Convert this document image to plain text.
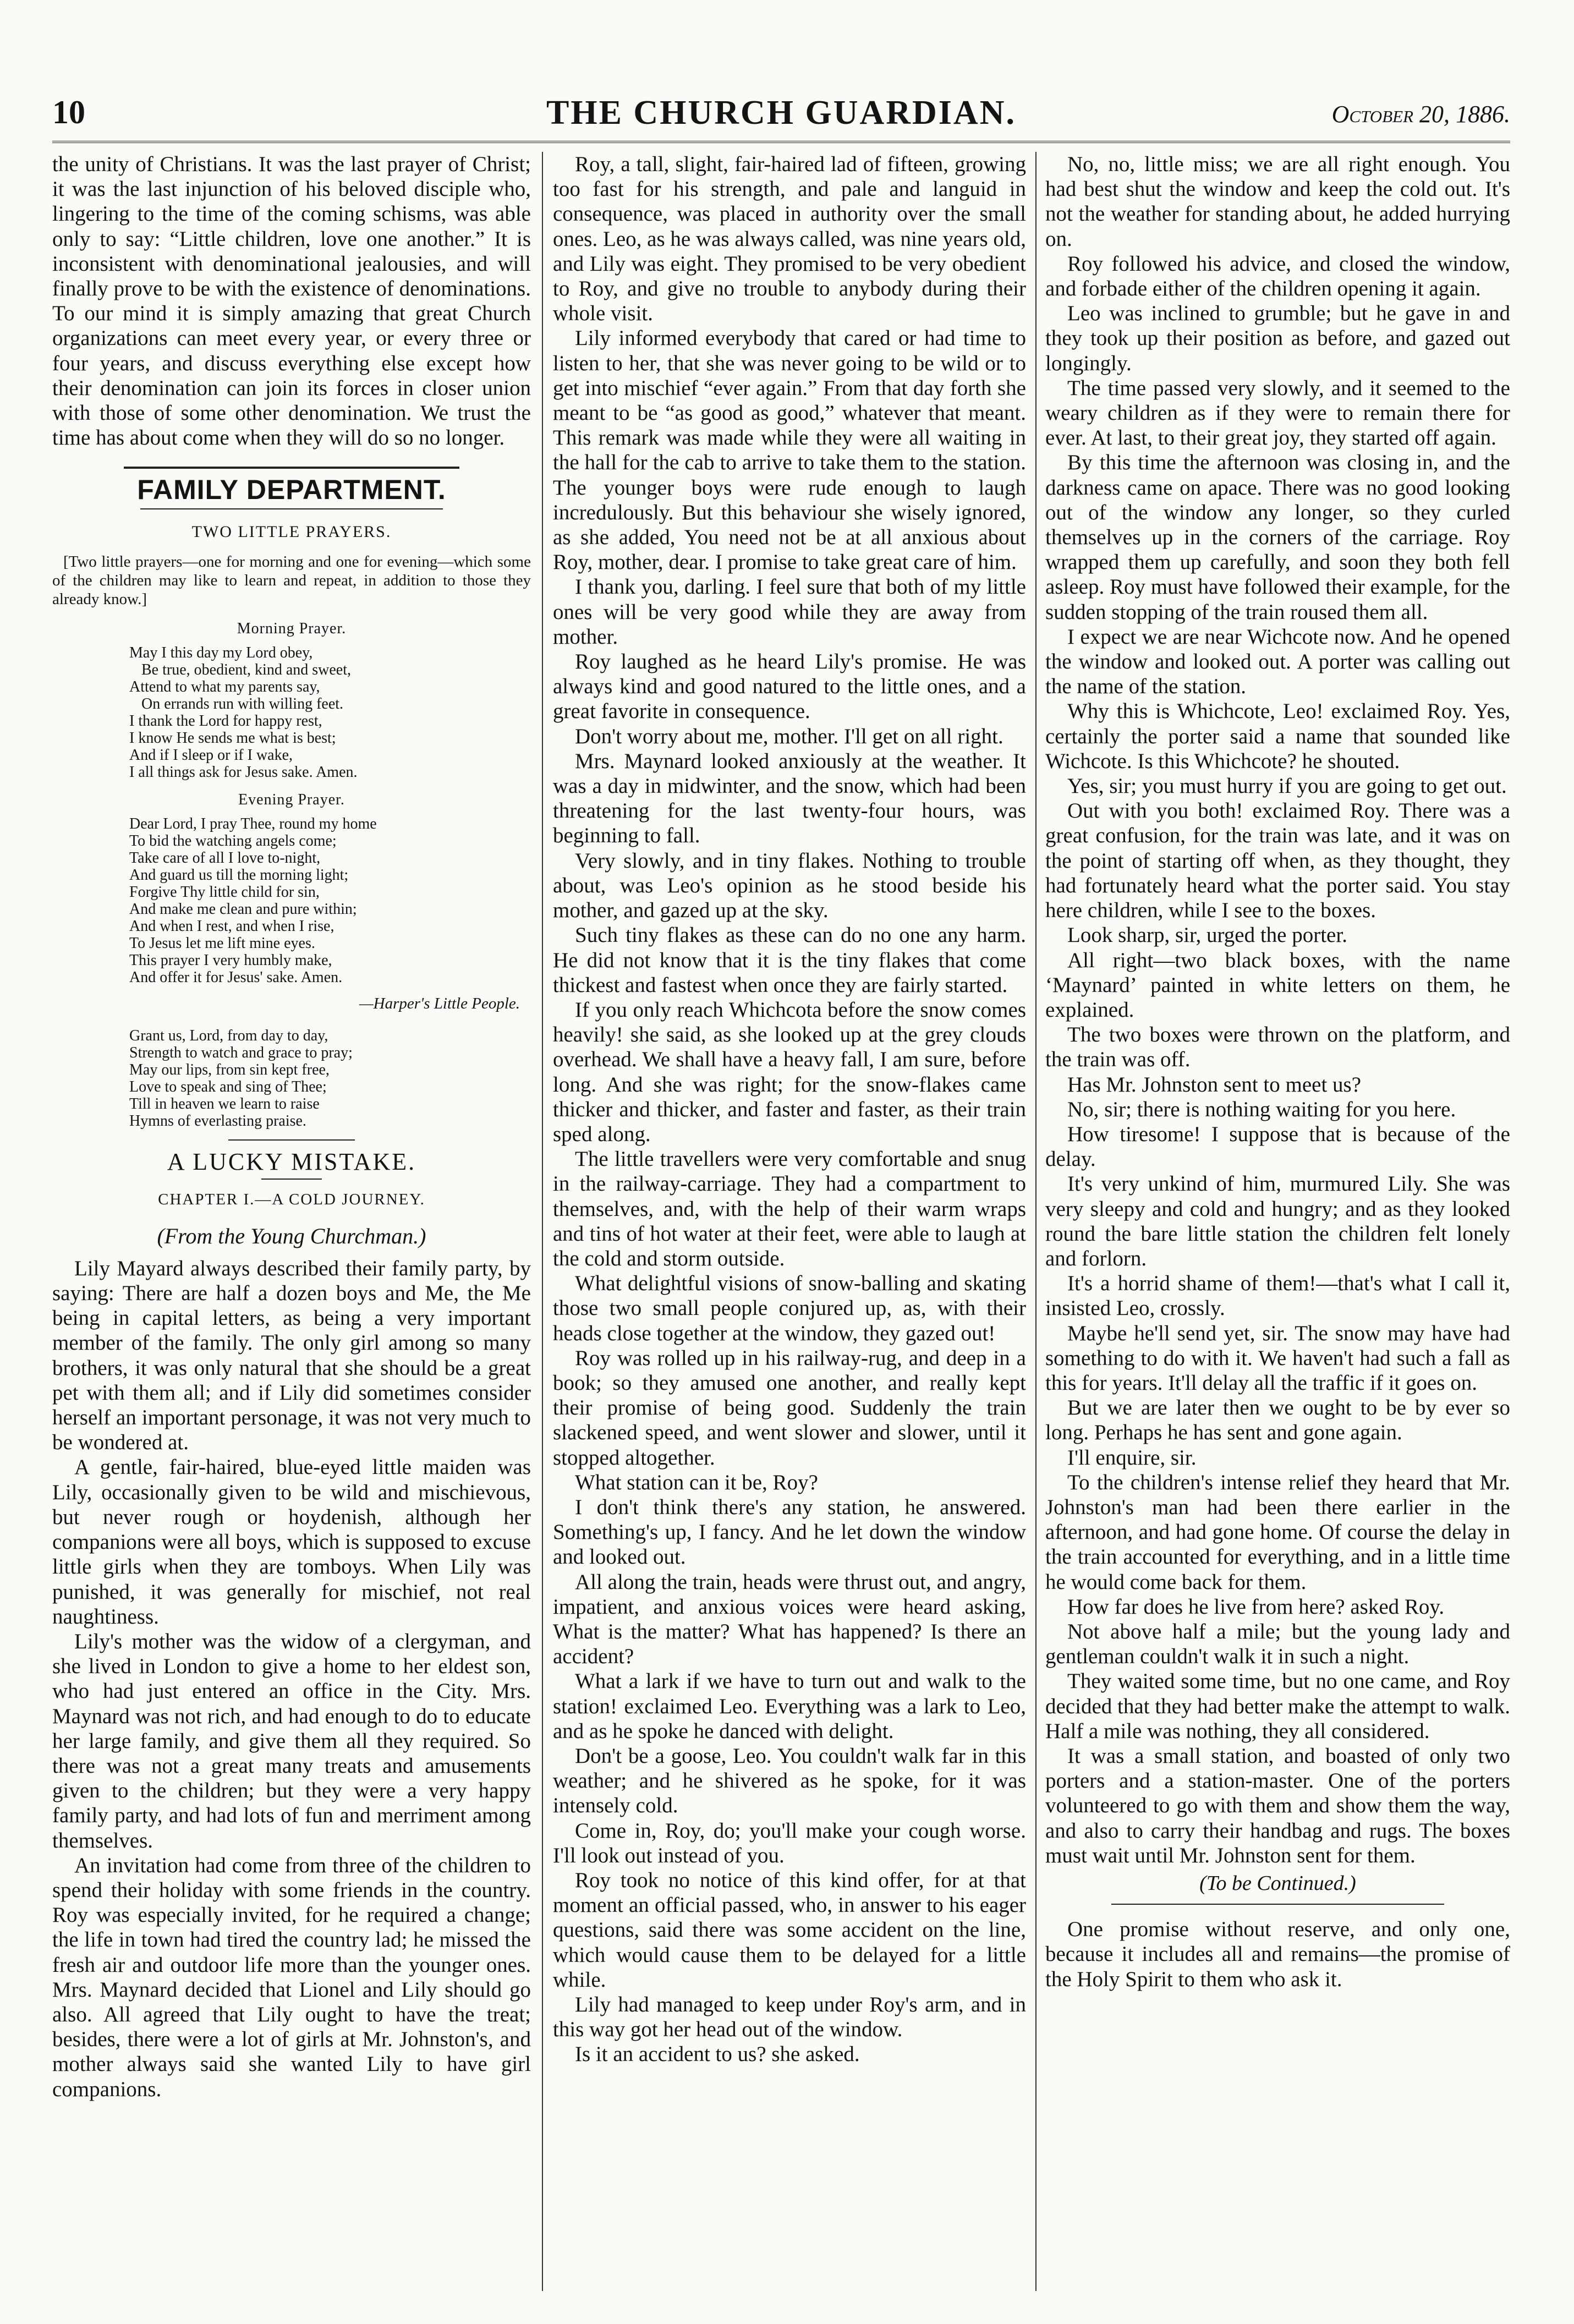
10	THE CHURCH GUARDIAN.	October 20, 1886.

the unity of Christians. It was the last prayer of Christ; it was the last injunction of his beloved disciple who, lingering to the time of the coming schisms, was able only to say: “Little children, love one another.” It is inconsistent with denominational jealousies, and will finally prove to be with the existence of denominations. To our mind it is simply amazing that great Church organizations can meet every year, or every three or four years, and discuss everything else except how their denomination can join its forces in closer union with those of some other denomination. We trust the time has about come when they will do so no longer.

FAMILY DEPARTMENT.
TWO LITTLE PRAYERS.
[Two little prayers—one for morning and one for evening—which some of the children may like to learn and repeat, in addition to those they already know.]
Morning Prayer.
May I this day my Lord obey,
Be true, obedient, kind and sweet,
Attend to what my parents say,
On errands run with willing feet.
I thank the Lord for happy rest,
I know He sends me what is best;
And if I sleep or if I wake,
I all things ask for Jesus sake. Amen.
Evening Prayer.
Dear Lord, I pray Thee, round my home
To bid the watching angels come;
Take care of all I love to-night,
And guard us till the morning light;
Forgive Thy little child for sin,
And make me clean and pure within;
And when I rest, and when I rise,
To Jesus let me lift mine eyes.
This prayer I very humbly make,
And offer it for Jesus' sake. Amen.
—Harper's Little People.
Grant us, Lord, from day to day,
Strength to watch and grace to pray;
May our lips, from sin kept free,
Love to speak and sing of Thee;
Till in heaven we learn to raise
Hymns of everlasting praise.
A LUCKY MISTAKE.
CHAPTER I.—A COLD JOURNEY.
(From the Young Churchman.)

Lily Mayard always described their family party, by saying: There are half a dozen boys and Me, the Me being in capital letters, as being a very important member of the family. The only girl among so many brothers, it was only natural that she should be a great pet with them all; and if Lily did sometimes consider herself an important personage, it was not very much to be wondered at.

A gentle, fair-haired, blue-eyed little maiden was Lily, occasionally given to be wild and mischievous, but never rough or hoydenish, although her companions were all boys, which is supposed to excuse little girls when they are tomboys. When Lily was punished, it was generally for mischief, not real naughtiness.

Lily's mother was the widow of a clergyman, and she lived in London to give a home to her eldest son, who had just entered an office in the City. Mrs. Maynard was not rich, and had enough to do to educate her large family, and give them all they required. So there was not a great many treats and amusements given to the children; but they were a very happy family party, and had lots of fun and merriment among themselves.

An invitation had come from three of the children to spend their holiday with some friends in the country. Roy was especially invited, for he required a change; the life in town had tired the country lad; he missed the fresh air and outdoor life more than the younger ones. Mrs. Maynard decided that Lionel and Lily should go also. All agreed that Lily ought to have the treat; besides, there were a lot of girls at Mr. Johnston's, and mother always said she wanted Lily to have girl companions.

Roy, a tall, slight, fair-haired lad of fifteen, growing too fast for his strength, and pale and languid in consequence, was placed in authority over the small ones. Leo, as he was always called, was nine years old, and Lily was eight. They promised to be very obedient to Roy, and give no trouble to anybody during their whole visit.

Lily informed everybody that cared or had time to listen to her, that she was never going to be wild or to get into mischief “ever again.” From that day forth she meant to be “as good as good,” whatever that meant. This remark was made while they were all waiting in the hall for the cab to arrive to take them to the station. The younger boys were rude enough to laugh incredulously. But this behaviour she wisely ignored, as she added, You need not be at all anxious about Roy, mother, dear. I promise to take great care of him.

I thank you, darling. I feel sure that both of my little ones will be very good while they are away from mother.

Roy laughed as he heard Lily's promise. He was always kind and good natured to the little ones, and a great favorite in consequence.

Don't worry about me, mother. I'll get on all right.

Mrs. Maynard looked anxiously at the weather. It was a day in midwinter, and the snow, which had been threatening for the last twenty-four hours, was beginning to fall.

Very slowly, and in tiny flakes. Nothing to trouble about, was Leo's opinion as he stood beside his mother, and gazed up at the sky.

Such tiny flakes as these can do no one any harm. He did not know that it is the tiny flakes that come thickest and fastest when once they are fairly started.

If you only reach Whichcota before the snow comes heavily! she said, as she looked up at the grey clouds overhead. We shall have a heavy fall, I am sure, before long. And she was right; for the snow-flakes came thicker and thicker, and faster and faster, as their train sped along.

The little travellers were very comfortable and snug in the railway-carriage. They had a compartment to themselves, and, with the help of their warm wraps and tins of hot water at their feet, were able to laugh at the cold and storm outside.

What delightful visions of snow-balling and skating those two small people conjured up, as, with their heads close together at the window, they gazed out!

Roy was rolled up in his railway-rug, and deep in a book; so they amused one another, and really kept their promise of being good. Suddenly the train slackened speed, and went slower and slower, until it stopped altogether.

What station can it be, Roy?

I don't think there's any station, he answered. Something's up, I fancy. And he let down the window and looked out.

All along the train, heads were thrust out, and angry, impatient, and anxious voices were heard asking, What is the matter? What has happened? Is there an accident?

What a lark if we have to turn out and walk to the station! exclaimed Leo. Everything was a lark to Leo, and as he spoke he danced with delight.

Don't be a goose, Leo. You couldn't walk far in this weather; and he shivered as he spoke, for it was intensely cold.

Come in, Roy, do; you'll make your cough worse. I'll look out instead of you.

Roy took no notice of this kind offer, for at that moment an official passed, who, in answer to his eager questions, said there was some accident on the line, which would cause them to be delayed for a little while.

Lily had managed to keep under Roy's arm, and in this way got her head out of the window.

Is it an accident to us? she asked.

No, no, little miss; we are all right enough. You had best shut the window and keep the cold out. It's not the weather for standing about, he added hurrying on.

Roy followed his advice, and closed the window, and forbade either of the children opening it again.

Leo was inclined to grumble; but he gave in and they took up their position as before, and gazed out longingly.

The time passed very slowly, and it seemed to the weary children as if they were to remain there for ever. At last, to their great joy, they started off again.

By this time the afternoon was closing in, and the darkness came on apace. There was no good looking out of the window any longer, so they curled themselves up in the corners of the carriage. Roy wrapped them up carefully, and soon they both fell asleep. Roy must have followed their example, for the sudden stopping of the train roused them all.

I expect we are near Wichcote now. And he opened the window and looked out. A porter was calling out the name of the station.

Why this is Whichcote, Leo! exclaimed Roy. Yes, certainly the porter said a name that sounded like Wichcote. Is this Whichcote? he shouted.

Yes, sir; you must hurry if you are going to get out.

Out with you both! exclaimed Roy. There was a great confusion, for the train was late, and it was on the point of starting off when, as they thought, they had fortunately heard what the porter said. You stay here children, while I see to the boxes.

Look sharp, sir, urged the porter.

All right—two black boxes, with the name ‘Maynard’ painted in white letters on them, he explained.

The two boxes were thrown on the platform, and the train was off.

Has Mr. Johnston sent to meet us?

No, sir; there is nothing waiting for you here.

How tiresome! I suppose that is because of the delay.

It's very unkind of him, murmured Lily. She was very sleepy and cold and hungry; and as they looked round the bare little station the children felt lonely and forlorn.

It's a horrid shame of them!—that's what I call it, insisted Leo, crossly.

Maybe he'll send yet, sir. The snow may have had something to do with it. We haven't had such a fall as this for years. It'll delay all the traffic if it goes on.

But we are later then we ought to be by ever so long. Perhaps he has sent and gone again.

I'll enquire, sir.

To the children's intense relief they heard that Mr. Johnston's man had been there earlier in the afternoon, and had gone home. Of course the delay in the train accounted for everything, and in a little time he would come back for them.

How far does he live from here? asked Roy.

Not above half a mile; but the young lady and gentleman couldn't walk it in such a night.

They waited some time, but no one came, and Roy decided that they had better make the attempt to walk. Half a mile was nothing, they all considered.

It was a small station, and boasted of only two porters and a station-master. One of the porters volunteered to go with them and show them the way, and also to carry their handbag and rugs. The boxes must wait until Mr. Johnston sent for them.

(To be Continued.)

One promise without reserve, and only one, because it includes all and remains—the promise of the Holy Spirit to them who ask it.
